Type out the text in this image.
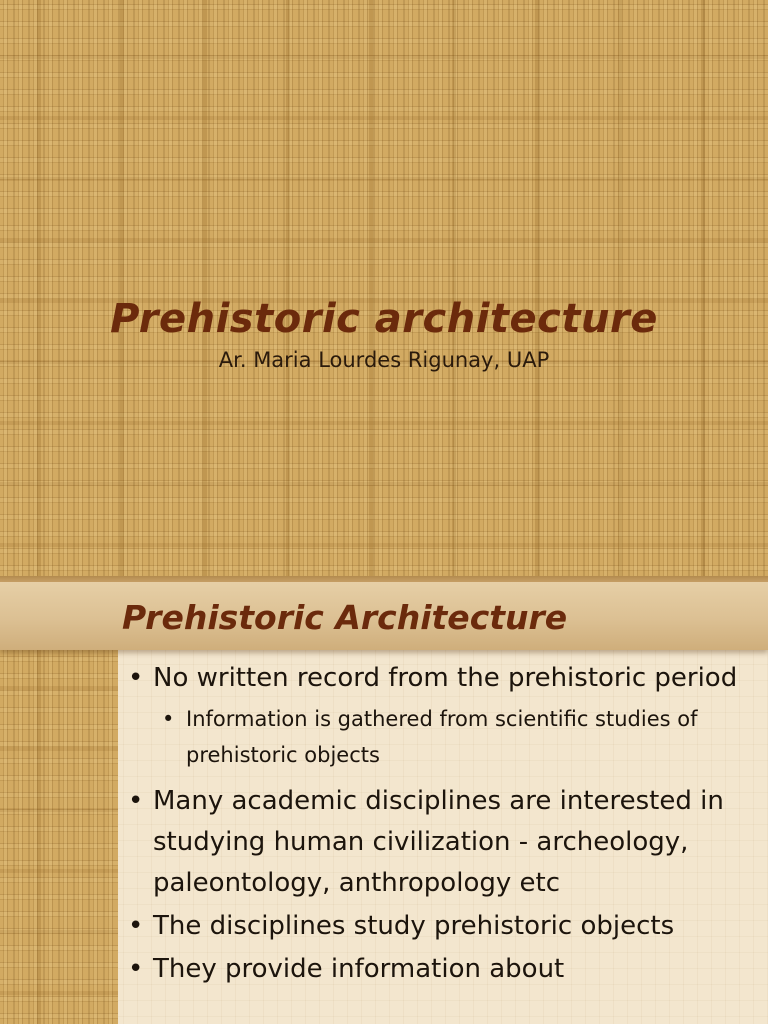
Prehistoric architecture
Ar. Maria Lourdes Rigunay, UAP
Prehistoric Architecture
• No written record from the prehistoric period
• Information is gathered from scientific studies of prehistoric objects
• Many academic disciplines are interested in studying human civilization - archeology, paleontology, anthropology etc
• The disciplines study prehistoric objects
• They provide information about
